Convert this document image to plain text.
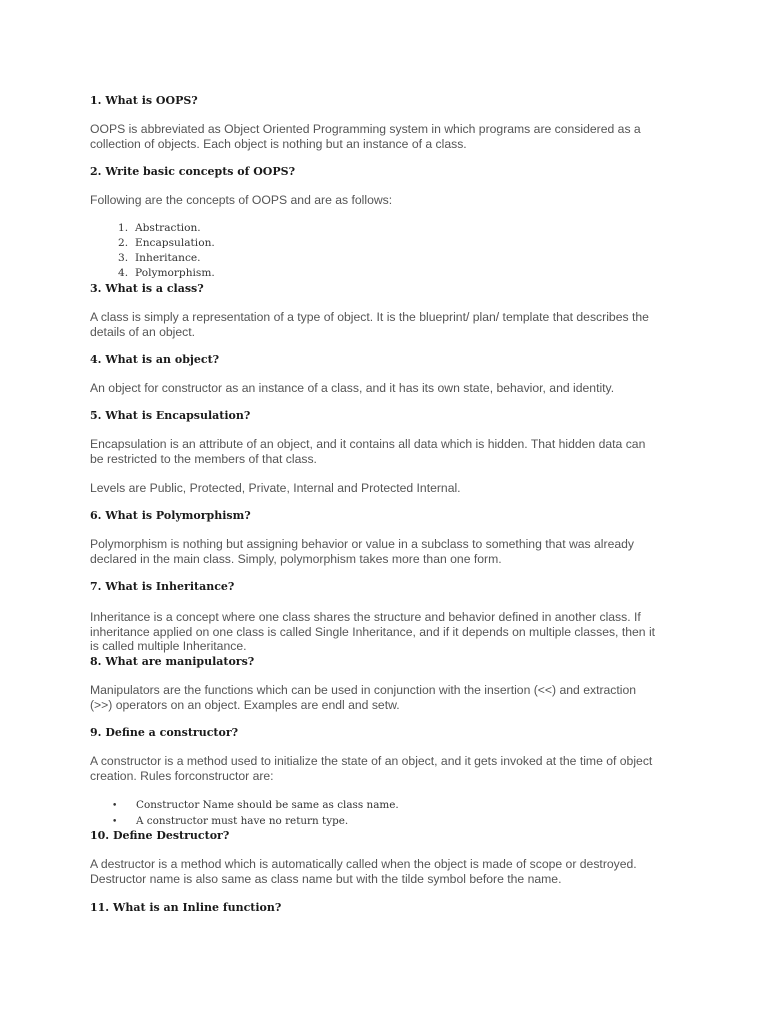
1. What is OOPS?
OOPS is abbreviated as Object Oriented Programming system in which programs are considered as a
collection of objects. Each object is nothing but an instance of a class.
2. Write basic concepts of OOPS?
Following are the concepts of OOPS and are as follows:
1. Abstraction.
2. Encapsulation.
3. Inheritance.
4. Polymorphism.
3. What is a class?
A class is simply a representation of a type of object. It is the blueprint/ plan/ template that describes the
details of an object.
4. What is an object?
An object for constructor as an instance of a class, and it has its own state, behavior, and identity.
5. What is Encapsulation?
Encapsulation is an attribute of an object, and it contains all data which is hidden. That hidden data can
be restricted to the members of that class.
Levels are Public, Protected, Private, Internal and Protected Internal.
6. What is Polymorphism?
Polymorphism is nothing but assigning behavior or value in a subclass to something that was already
declared in the main class. Simply, polymorphism takes more than one form.
7. What is Inheritance?
Inheritance is a concept where one class shares the structure and behavior defined in another class. If
inheritance applied on one class is called Single Inheritance, and if it depends on multiple classes, then it
is called multiple Inheritance.
8. What are manipulators?
Manipulators are the functions which can be used in conjunction with the insertion (<<) and extraction
(>>) operators on an object. Examples are endl and setw.
9. Define a constructor?
A constructor is a method used to initialize the state of an object, and it gets invoked at the time of object
creation. Rules forconstructor are:
• Constructor Name should be same as class name.
• A constructor must have no return type.
10. Define Destructor?
A destructor is a method which is automatically called when the object is made of scope or destroyed.
Destructor name is also same as class name but with the tilde symbol before the name.
11. What is an Inline function?
